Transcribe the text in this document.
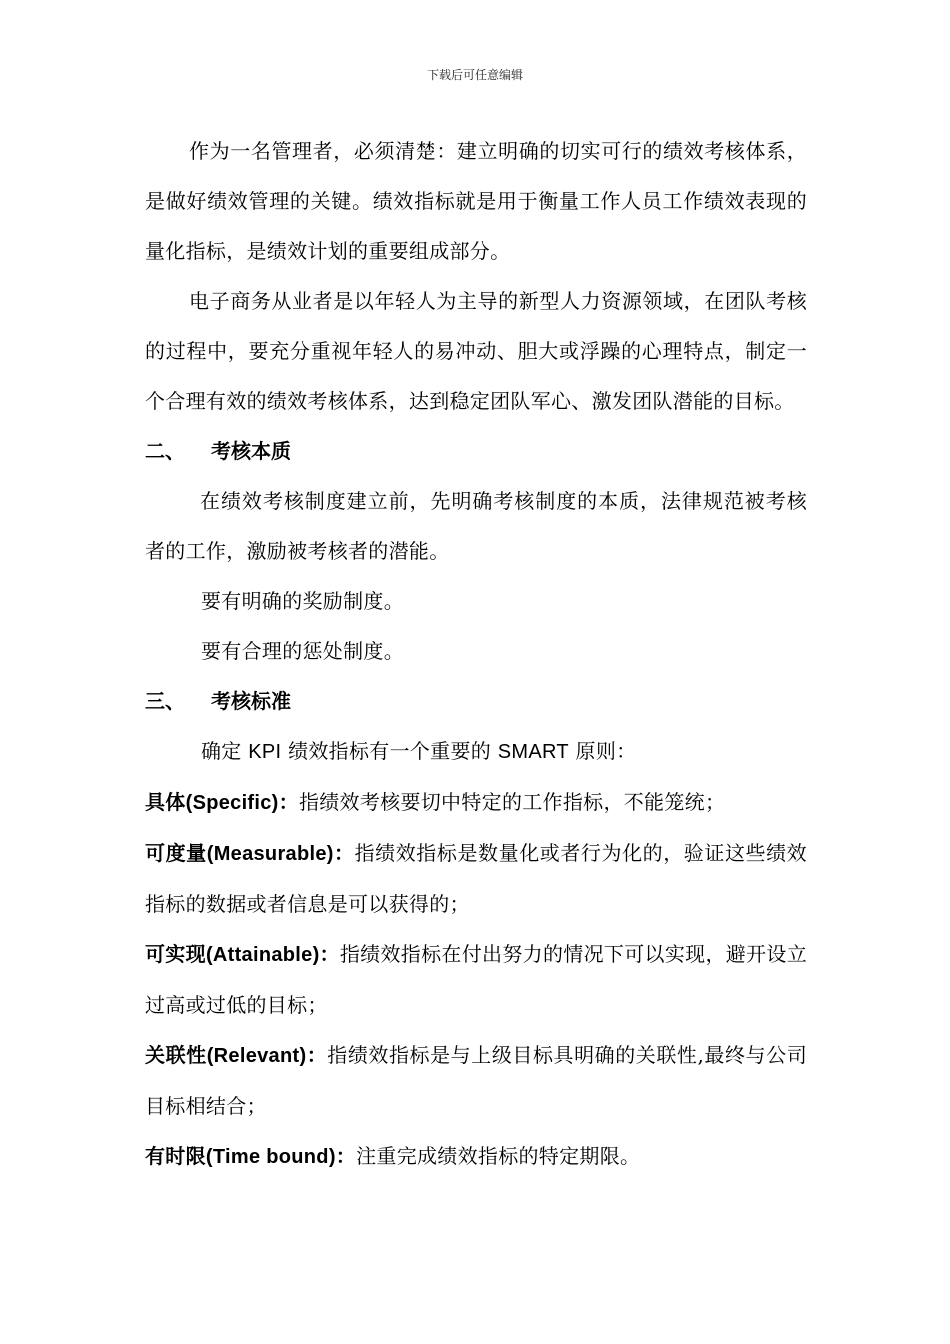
下载后可任意编辑

作为一名管理者，必须清楚：建立明确的切实可行的绩效考核体系，是做好绩效管理的关键。绩效指标就是用于衡量工作人员工作绩效表现的量化指标，是绩效计划的重要组成部分。

电子商务从业者是以年轻人为主导的新型人力资源领域，在团队考核的过程中，要充分重视年轻人的易冲动、胆大或浮躁的心理特点，制定一个合理有效的绩效考核体系，达到稳定团队军心、激发团队潜能的目标。

二、	考核本质

在绩效考核制度建立前，先明确考核制度的本质，法律规范被考核者的工作，激励被考核者的潜能。

要有明确的奖励制度。

要有合理的惩处制度。

三、	考核标准

确定 KPI 绩效指标有一个重要的 SMART 原则：

具体(Specific)：指绩效考核要切中特定的工作指标，不能笼统；

可度量(Measurable)：指绩效指标是数量化或者行为化的，验证这些绩效指标的数据或者信息是可以获得的；

可实现(Attainable)：指绩效指标在付出努力的情况下可以实现，避开设立过高或过低的目标；

关联性(Relevant)：指绩效指标是与上级目标具明确的关联性,最终与公司目标相结合；

有时限(Time bound)：注重完成绩效指标的特定期限。
